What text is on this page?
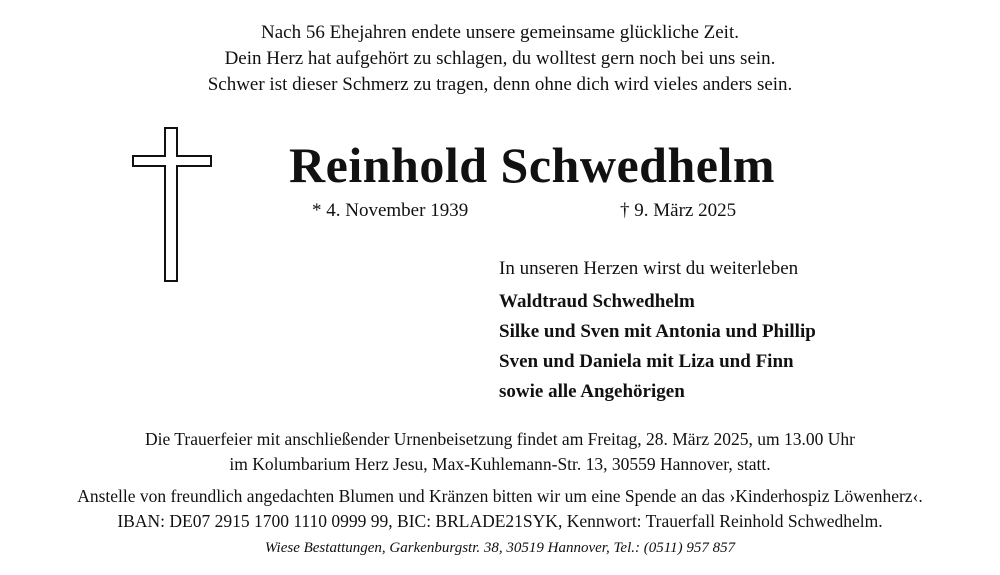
Nach 56 Ehejahren endete unsere gemeinsame glückliche Zeit.
Dein Herz hat aufgehört zu schlagen, du wolltest gern noch bei uns sein.
Schwer ist dieser Schmerz zu tragen, denn ohne dich wird vieles anders sein.
Reinhold Schwedhelm
* 4. November 1939	† 9. März 2025
In unseren Herzen wirst du weiterleben
Waldtraud Schwedhelm
Silke und Sven mit Antonia und Phillip
Sven und Daniela mit Liza und Finn
sowie alle Angehörigen
Die Trauerfeier mit anschließender Urnenbeisetzung findet am Freitag, 28. März 2025, um 13.00 Uhr
im Kolumbarium Herz Jesu, Max-Kuhlemann-Str. 13, 30559 Hannover, statt.
Anstelle von freundlich angedachten Blumen und Kränzen bitten wir um eine Spende an das ›Kinderhospiz Löwenherz‹.
IBAN: DE07 2915 1700 1110 0999 99, BIC: BRLADE21SYK, Kennwort: Trauerfall Reinhold Schwedhelm.
Wiese Bestattungen, Garkenburgstr. 38, 30519 Hannover, Tel.: (0511) 957 857
